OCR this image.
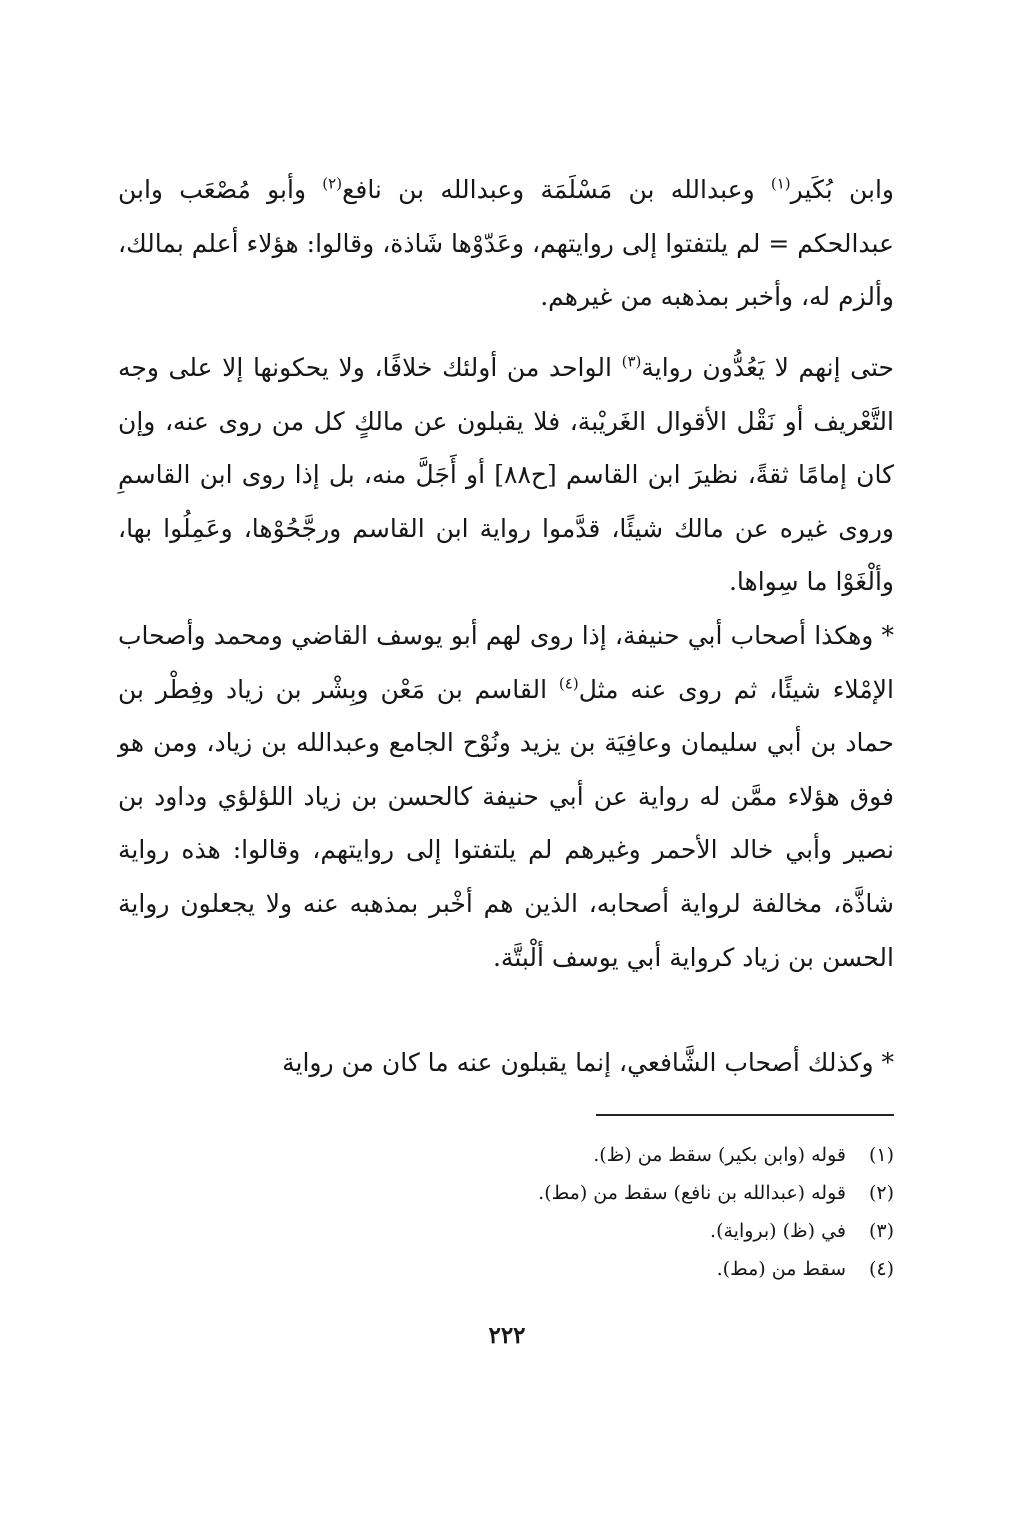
وابن بُكَير$^{(١)}$ وعبدالله بن مَسْلَمَة وعبدالله بن نافع$^{(٢)}$ وأبو مُصْعَب وابن عبدالحكم = لم يلتفتوا إلى روايتهم، وعَدّوْها شَاذة، وقالوا: هؤلاء أعلم بمالك، وألزم له، وأخبر بمذهبه من غيرهم.

حتى إنهم لا يَعُدُّون رواية$^{(٣)}$ الواحد من أولئك خلافًا، ولا يحكونها إلا على وجه التَّعْريف أو نَقْل الأقوال الغَريْبة، فلا يقبلون عن مالكٍ كل من روى عنه، وإن كان إمامًا ثقةً، نظيرَ ابن القاسم [ح٨٨] أو أَجَلَّ منه، بل إذا روى ابن القاسمِ وروى غيره عن مالك شيئًا، قدَّموا رواية ابن القاسم ورجَّحُوْها، وعَمِلُوا بها، وألْغَوْا ما سِواها.

* وهكذا أصحاب أبي حنيفة، إذا روى لهم أبو يوسف القاضي ومحمد وأصحاب الإمْلاء شيئًا، ثم روى عنه مثل$^{(٤)}$ القاسم بن مَعْن وبِشْر بن زياد وفِطْر بن حماد بن أبي سليمان وعافِيَة بن يزيد ونُوْح الجامع وعبدالله بن زياد، ومن هو فوق هؤلاء ممَّن له رواية عن أبي حنيفة كالحسن بن زياد اللؤلؤي وداود بن نصير وأبي خالد الأحمر وغيرهم لم يلتفتوا إلى روايتهم، وقالوا: هذه رواية شاذَّة، مخالفة لرواية أصحابه، الذين هم أخْبر بمذهبه عنه ولا يجعلون رواية الحسن بن زياد كرواية أبي يوسف ألْبتَّة.

* وكذلك أصحاب الشَّافعي، إنما يقبلون عنه ما كان من رواية

(١)
قوله (وابن بكير) سقط من (ظ).
(٢)
قوله (عبدالله بن نافع) سقط من (مط).
(٣)
في (ظ) (برواية).
(٤)
سقط من (مط).
٢٢٢
